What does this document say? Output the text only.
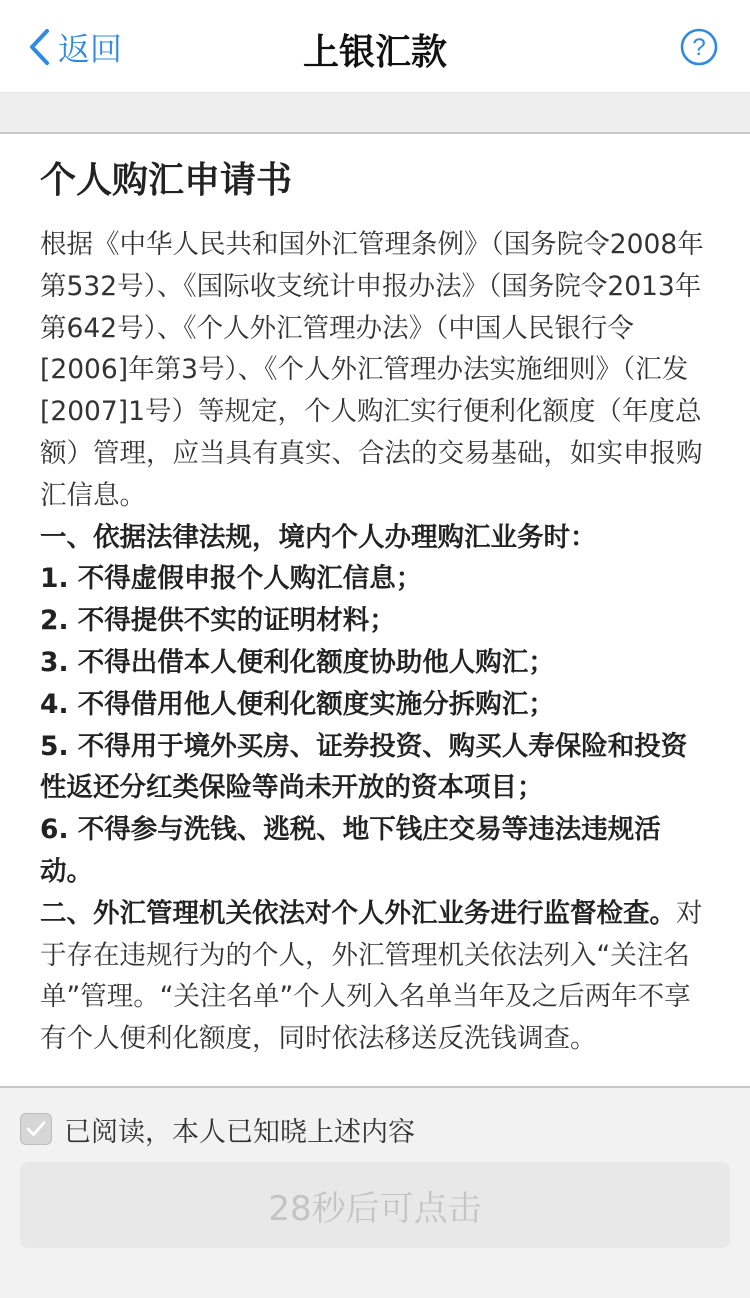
返回	上银汇款	?
个人购汇申请书

根据《中华人民共和国外汇管理条例》（国务院令2008年第532号）、《国际收支统计申报办法》（国务院令2013年第642号）、《个人外汇管理办法》（中国人民银行令[2006]年第3号）、《个人外汇管理办法实施细则》（汇发[2007]1号）等规定，个人购汇实行便利化额度（年度总额）管理，应当具有真实、合法的交易基础，如实申报购汇信息。

一、依据法律法规，境内个人办理购汇业务时：

1. 不得虚假申报个人购汇信息；

2. 不得提供不实的证明材料；

3. 不得出借本人便利化额度协助他人购汇；

4. 不得借用他人便利化额度实施分拆购汇；

5. 不得用于境外买房、证券投资、购买人寿保险和投资性返还分红类保险等尚未开放的资本项目；

6. 不得参与洗钱、逃税、地下钱庄交易等违法违规活动。

二、外汇管理机关依法对个人外汇业务进行监督检查。对于存在违规行为的个人，外汇管理机关依法列入“关注名单”管理。“关注名单”个人列入名单当年及之后两年不享有个人便利化额度，同时依法移送反洗钱调查。

已阅读，本人已知晓上述内容
28秒后可点击
